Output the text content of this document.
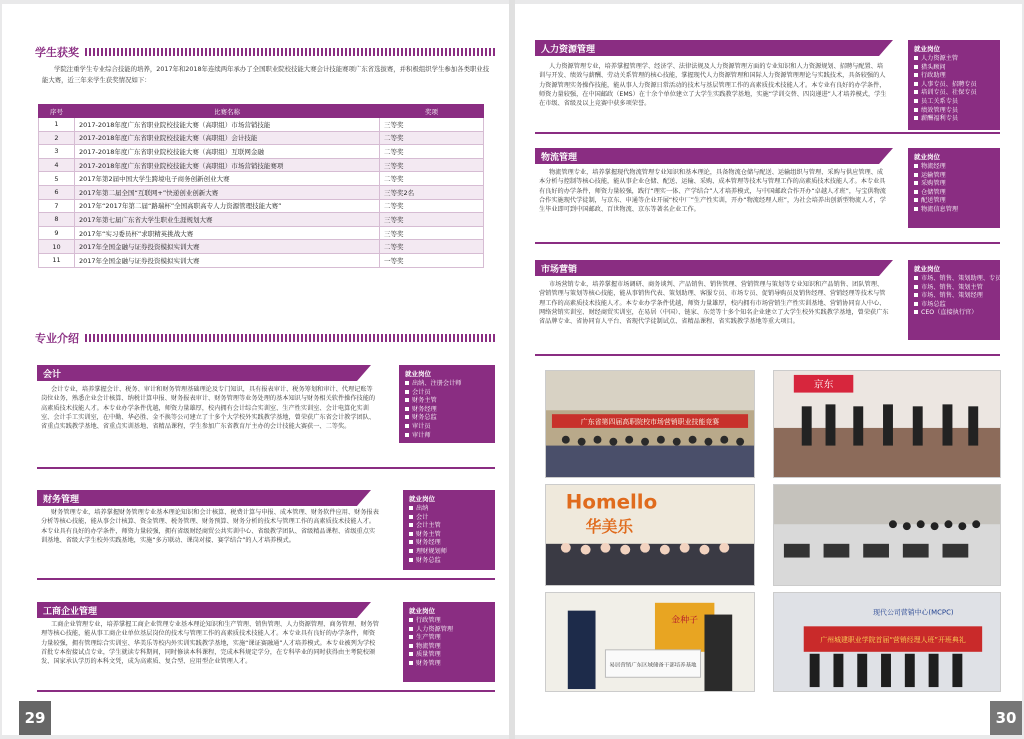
学生获奖
学院注重学生专业综合技能的培养，2017年和2018年连续两年承办了全国职业院校技能大赛会计技能赛项广东省选拔赛，并积极组织学生参加各类职业技能大赛，近三年来学生获奖情况如下：
序号	比赛名称	奖项
1	2017-2018年度广东省职业院校技能大赛（高职组）市场营销技能	三等奖
2	2017-2018年度广东省职业院校技能大赛（高职组）会计技能	二等奖
3	2017-2018年度广东省职业院校技能大赛（高职组）互联网金融	二等奖
4	2017-2018年度广东省职业院校技能大赛（高职组）市场营销技能赛项	三等奖
5	2017年第2届中国大学生跨境电子商务创新创业大赛	二等奖
6	2017年第二届全国“互联网+”快递创业创新大赛	三等奖2名
7	2017年“2017年第二届“路瑞杯”全国高职高专人力资源管理技能大赛”	二等奖
8	2017年第七届广东省大学生职业生涯规划大赛	三等奖
9	2017年“实习委员杯”求职精英挑战大赛	三等奖
10	2017年全国金融与证券投资模拟实训大赛	二等奖
11	2017年全国金融与证券投资模拟实训大赛	一等奖
专业介绍
会计
会计专业，培养掌握会计、税务、审计和财务管理基础理论及专门知识，具有报表审计、税务筹划和审计、代理记账等岗位业务，熟悉企业会计核算、纳税计算申报、财务报表审计、财务管理等业务处理的基本知识与财务相关软件操作技能的高素质技术技能人才。本专业办学条件优越，师资力量雄厚，校内拥有会计综合实训室、生产性实训室、会计电算化实训室、会计手工实训室，在中勤、华必胜、金不换等公司建立了十多个大学校外实践教学基地，曾荣获广东省会计教学团队、省重点实践教学基地、省重点实训基地、省精品课程，学生参加广东省教育厅主办的会计技能大赛获一、二等奖。
就业岗位
出纳、注册会计师
会计员
财务主管
财务经理
财务总监
审计员
审计师
财务管理
财务管理专业，培养掌握财务管理专业基本理论知识和会计核算、税费计算与申报、成本管理、财务软件应用、财务报表分析等核心技能，能从事会计核算、资金管理、税务管理、财务预算、财务分析的技术与管理工作的高素质技术技能人才。本专业具有良好的办学条件，师资力量较强，拥有省级财经商贸公共实训中心、省级教学团队、省级精品课程、省级重点实训基地、省级大学生校外实践基地，实施“多方联动、课岗对接、赛学结合”的人才培养模式。
就业岗位
出纳
会计
会计主管
财务主管
财务经理
理财规划师
财务总监
工商企业管理
工商企业管理专业，培养掌握工商企业管理专业基本理论知识和生产管理、销售管理、人力资源管理、商务管理、财务管理等核心技能，能从事工商企业单位基层岗位的技术与管理工作的高素质技术技能人才。本专业具有良好的办学条件，师资力量较强，拥有管理综合实训室、华美乐等校内外实训实践教学基地，实施“课证赛融通”人才培养模式。本专业被列为学校首批专本衔接试点专业，学生就读专科期间，同时修读本科课程，完成本科规定学分，在专科毕业的同时获得由主考院校颁发、国家承认学历的本科文凭，成为高素质、复合型、应用型企业管理人才。
就业岗位
行政管理
人力资源管理
生产管理
物流管理
质量管理
财务管理
29
人力资源管理
人力资源管理专业，培养掌握管理学、经济学、法律法规及人力资源管理方面的专业知识和人力资源规划、招聘与配置、培训与开发、绩效与薪酬、劳动关系管理的核心技能，掌握现代人力资源管理和国际人力资源管理理论与实践技术，具备较强的人力资源管理实务操作技能，能从事人力资源日常活动的技术与基层管理工作的高素质技术技能人才。本专业有良好的办学条件，师资力量较强，在中国邮政（EMS）在十余个单位建立了大学生实践教学基地，实施“学训交替、四岗递进”人才培养模式，学生在市级、省级及以上竞赛中获多项荣誉。
就业岗位
人力资源主管
猎头顾问
行政助理
人事专员、招聘专员
培训专员、社保专员
员工关系专员
绩效管理专员
薪酬福利专员
物流管理
物流管理专业，培养掌握现代物流管理专业知识和基本理论，具备物流仓储与配送、运输组织与管理、采购与供应管理、成本分析与控制等核心技能，能从事企业仓储、配送、运输、采购、成本管理等技术与管理工作的高素质技术技能人才。本专业具有良好的办学条件，师资力量较强，践行“理实一体、产学结合”人才培养模式，与中国邮政合作开办“卓越人才班”，与宝供物流合作实施现代学徒制，与京东、申通等企业开展“校中厂”生产性实训，开办“物流经理人班”，为社会培养出创新型物流人才，学生毕业即可到中国邮政、百世物流、京东等著名企业工作。
就业岗位
物流经理
运输管理
采购管理
仓储管理
配送管理
物流信息管理
市场营销
市场营销专业，培养掌握市场调研、商务谈判、产品销售、销售管理、营销管理与策划等专业知识和产品销售、团队管理、营销管理与策划等核心技能，能从事销售代表、策划助理、客服专员、市场专员、促销导购员及销售经理、营销经理等技术与管理工作的高素质技术技能人才。本专业办学条件优越，师资力量雄厚，校内拥有市场营销生产性实训基地、营销协同育人中心、网络营销实训室、财经商贸实训室，在易居（中国）、链家、东莞等十多个知名企业建立了大学生校外实践教学基地，曾荣获广东省品牌专业、省协同育人平台、省现代学徒制试点、省精品课程、省实践教学基地等重大项目。
就业岗位
市场、销售、策划助理、专员
市场、销售、策划主管
市场、销售、策划经理
市场总监
CEO（直接执行官）
广东省第四届高职院校市场营销职业技能竞赛
京东
Homello
华美乐
金种子
易居营销广东区域储备干部培养基地
现代公司营销中心(MCPC)
广州城建职业学院首届“营销经理人班”开班典礼
30
